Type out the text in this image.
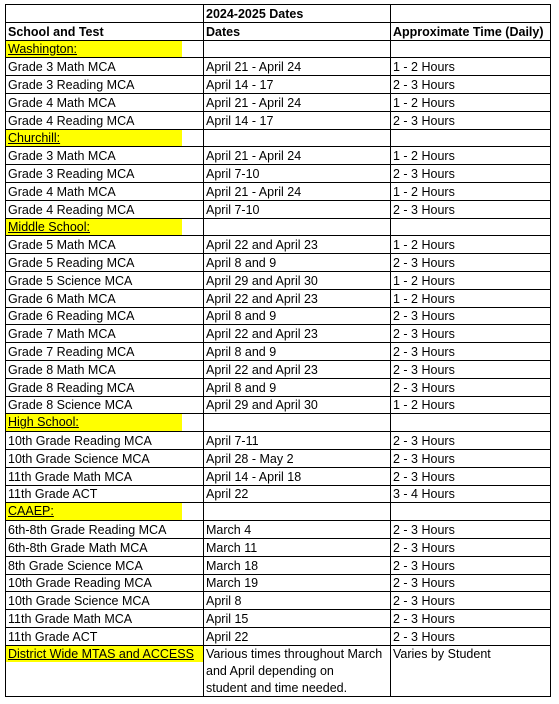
	2024-2025 Dates	
School and Test	Dates	Approximate Time (Daily)

Washington:		

Grade 3 Math MCA	April 21 - April 24	1 - 2 Hours
Grade 3 Reading MCA	April 14 - 17	2 - 3 Hours
Grade 4 Math MCA	April 21 - April 24	1 - 2 Hours
Grade 4 Reading MCA	April 14 - 17	2 - 3 Hours

Churchill:		

Grade 3 Math MCA	April 21 - April 24	1 - 2 Hours
Grade 3 Reading MCA	April 7-10	2 - 3 Hours
Grade 4 Math MCA	April 21 - April 24	1 - 2 Hours
Grade 4 Reading MCA	April 7-10	2 - 3 Hours

Middle School:		

Grade 5 Math MCA	April 22 and April 23	1 - 2 Hours
Grade 5 Reading MCA	April 8 and 9	2 - 3 Hours
Grade 5 Science MCA	April 29 and April 30	1 - 2 Hours
Grade 6 Math MCA	April 22 and April 23	1 - 2 Hours
Grade 6 Reading MCA	April 8 and 9	2 - 3 Hours
Grade 7 Math MCA	April 22 and April 23	2 - 3 Hours
Grade 7 Reading MCA	April 8 and 9	2 - 3 Hours
Grade 8 Math MCA	April 22 and April 23	2 - 3 Hours
Grade 8 Reading MCA	April 8 and 9	2 - 3 Hours
Grade 8 Science MCA	April 29 and April 30	1 - 2 Hours

High School:		

10th Grade Reading MCA	April 7-11	2 - 3 Hours
10th Grade Science MCA	April 28 - May 2	2 - 3 Hours
11th Grade Math MCA	April 14 - April 18	2 - 3 Hours
11th Grade ACT	April 22	3 - 4 Hours

CAAEP:		

6th-8th Grade Reading MCA	March 4	2 - 3 Hours
6th-8th Grade Math MCA	March 11	2 - 3 Hours
8th Grade Science MCA	March 18	2 - 3 Hours
10th Grade Reading MCA	March 19	2 - 3 Hours
10th Grade Science MCA	April 8	2 - 3 Hours
11th Grade Math MCA	April 15	2 - 3 Hours
11th Grade ACT	April 22	2 - 3 Hours

District Wide MTAS and ACCESS	Various times throughout March	Varies by Student
	and April depending on	
	student and time needed.	
